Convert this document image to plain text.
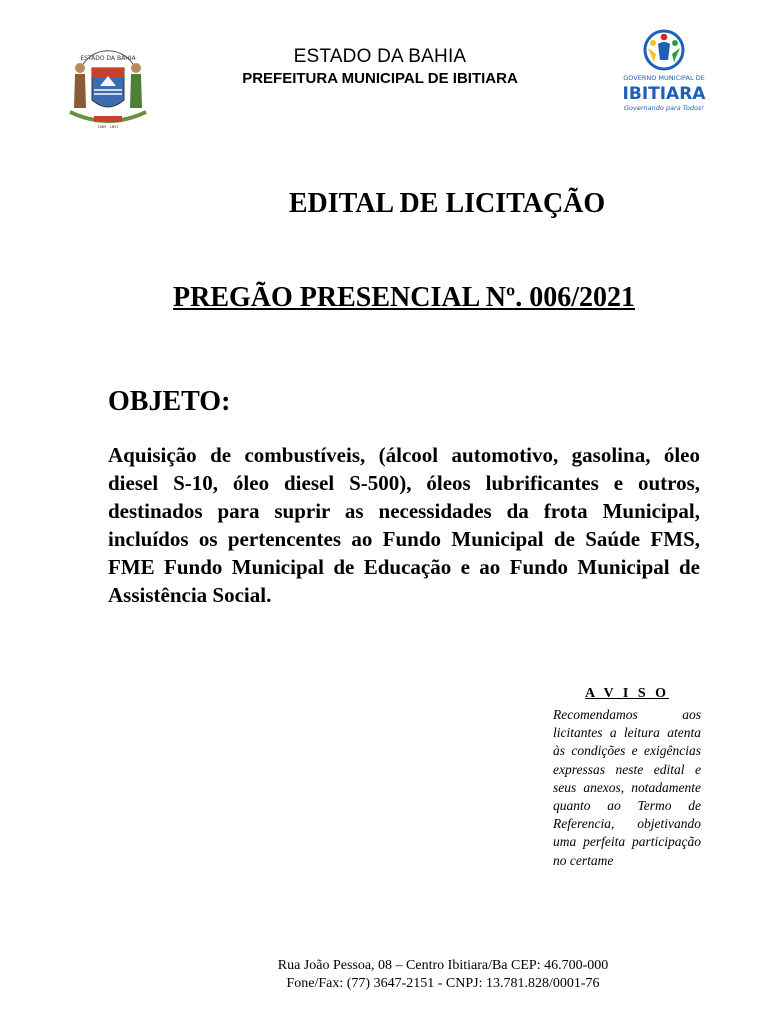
ESTADO DA BAHIA
1889 · 1891
GOVERNO MUNICIPAL DE
IBITIARA
Governando para Todos!
ESTADO DA BAHIA
PREFEITURA MUNICIPAL DE IBITIARA
EDITAL DE LICITAÇÃO
PREGÃO PRESENCIAL Nº. 006/2021
OBJETO:
Aquisição de combustíveis, (álcool automotivo, gasolina, óleo diesel S-10, óleo diesel S-500), óleos lubrificantes e outros, destinados para suprir as necessidades da frota Municipal, incluídos os pertencentes ao Fundo Municipal de Saúde FMS, FME Fundo Municipal de Educação e ao Fundo Municipal de Assistência Social.
A V I S O
Recomendamos aos licitantes a leitura atenta às condições e exigências expressas neste edital e seus anexos, notadamente quanto ao Termo de Referencia, objetivando uma perfeita participação no certame
Rua João Pessoa, 08 – Centro Ibitiara/Ba CEP: 46.700-000
Fone/Fax: (77) 3647-2151 - CNPJ: 13.781.828/0001-76
